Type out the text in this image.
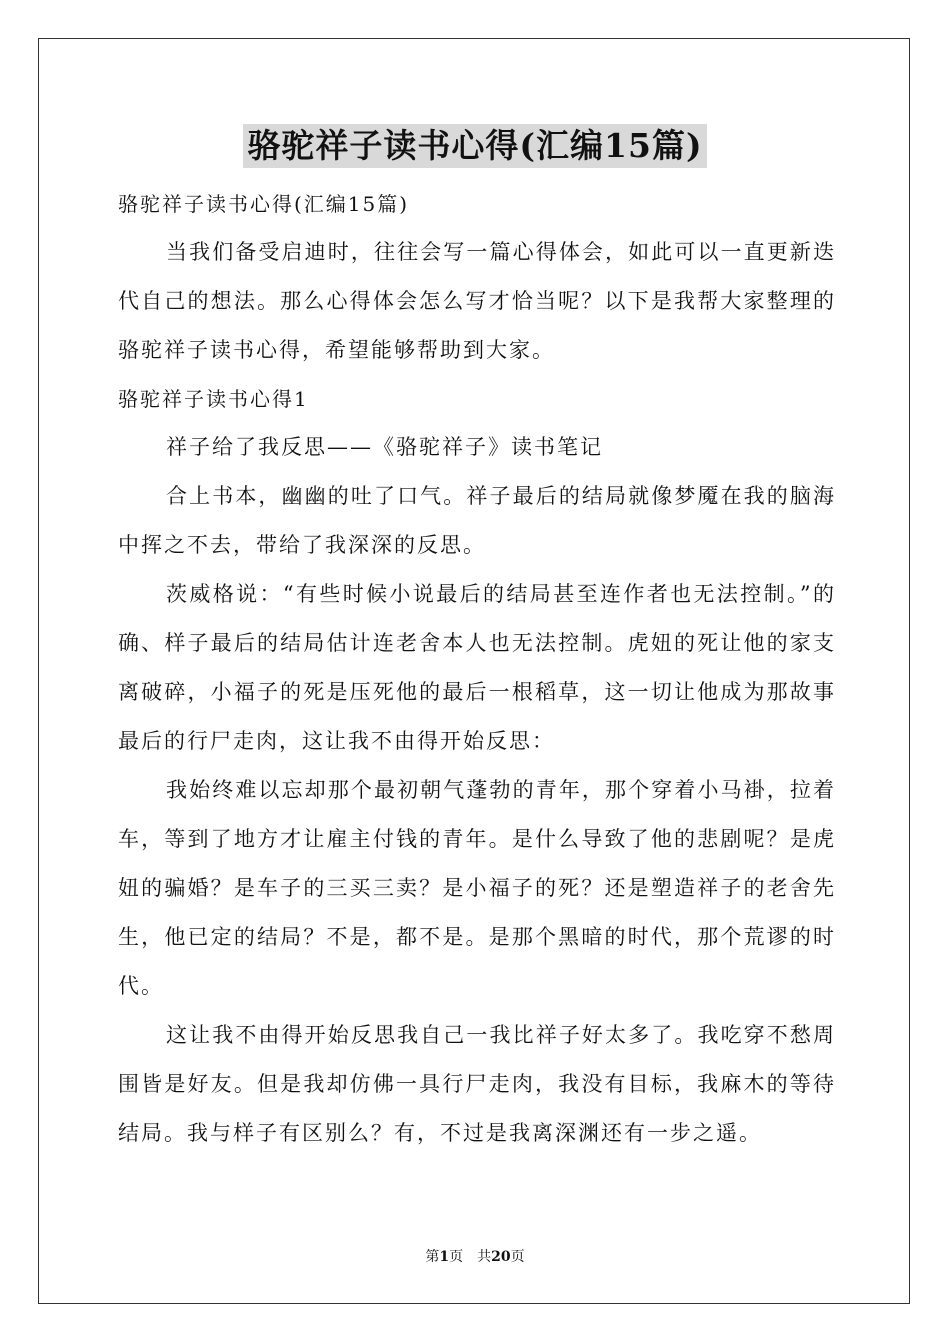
骆驼祥子读书心得(汇编15篇)

骆驼祥子读书心得(汇编15篇)

当我们备受启迪时，往往会写一篇心得体会，如此可以一直更新迭代自己的想法。那么心得体会怎么写才恰当呢？以下是我帮大家整理的骆驼祥子读书心得，希望能够帮助到大家。

骆驼祥子读书心得1

祥子给了我反思——《骆驼祥子》读书笔记

合上书本，幽幽的吐了口气。祥子最后的结局就像梦魇在我的脑海中挥之不去，带给了我深深的反思。

茨威格说：“有些时候小说最后的结局甚至连作者也无法控制。”的确、样子最后的结局估计连老舍本人也无法控制。虎妞的死让他的家支离破碎，小福子的死是压死他的最后一根稻草，这一切让他成为那故事最后的行尸走肉，这让我不由得开始反思：

我始终难以忘却那个最初朝气蓬勃的青年，那个穿着小马褂，拉着车，等到了地方才让雇主付钱的青年。是什么导致了他的悲剧呢？是虎妞的骗婚？是车子的三买三卖？是小福子的死？还是塑造祥子的老舍先生，他已定的结局？不是，都不是。是那个黑暗的时代，那个荒谬的时代。

这让我不由得开始反思我自己一我比祥子好太多了。我吃穿不愁周围皆是好友。但是我却仿佛一具行尸走肉，我没有目标，我麻木的等待结局。我与样子有区别么？有，不过是我离深渊还有一步之遥。

第1页　共20页
